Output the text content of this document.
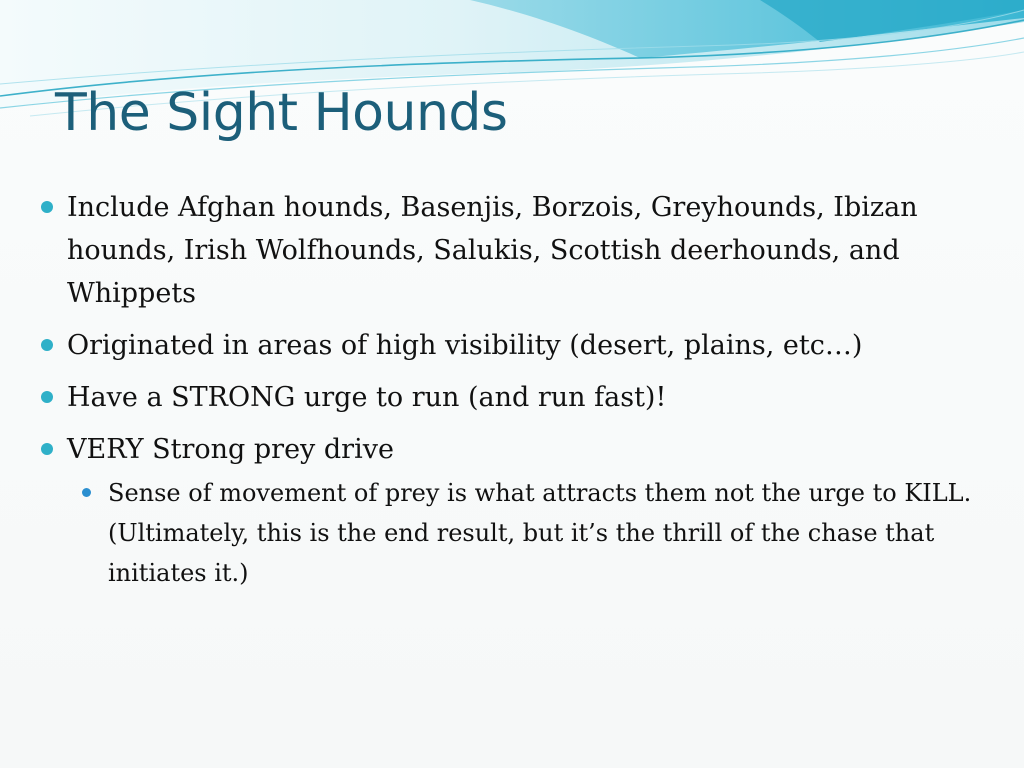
The Sight Hounds
Include Afghan hounds, Basenjis, Borzois, Greyhounds, Ibizan hounds, Irish Wolfhounds, Salukis, Scottish deerhounds, and Whippets
Originated in areas of high visibility (desert, plains, etc…)
Have a STRONG urge to run (and run fast)!
VERY Strong prey drive
Sense of movement of prey is what attracts them not the urge to KILL. (Ultimately, this is the end result, but it’s the thrill of the chase that initiates it.)
